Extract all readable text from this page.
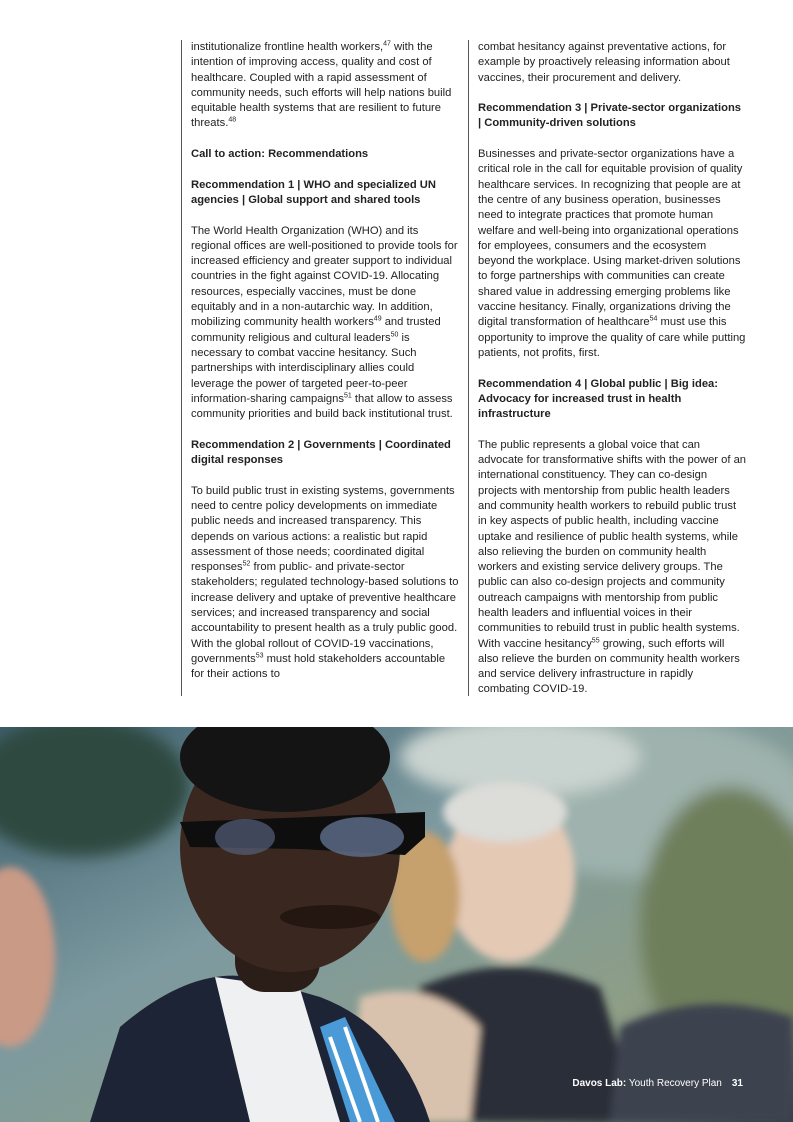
institutionalize frontline health workers,$^{47}$ with the intention of improving access, quality and cost of healthcare. Coupled with a rapid assessment of community needs, such efforts will help nations build equitable health systems that are resilient to future threats.$^{48}$

Call to action: Recommendations
Recommendation 1 | WHO and specialized UN agencies | Global support and shared tools

The World Health Organization (WHO) and its regional offices are well-positioned to provide tools for increased efficiency and greater support to individual countries in the fight against COVID-19. Allocating resources, especially vaccines, must be done equitably and in a non-autarchic way. In addition, mobilizing community health workers$^{49}$ and trusted community religious and cultural leaders$^{50}$ is necessary to combat vaccine hesitancy. Such partnerships with interdisciplinary allies could leverage the power of targeted peer-to-peer information-sharing campaigns$^{51}$ that allow to assess community priorities and build back institutional trust.

Recommendation 2 | Governments | Coordinated digital responses

To build public trust in existing systems, governments need to centre policy developments on immediate public needs and increased transparency. This depends on various actions: a realistic but rapid assessment of those needs; coordinated digital responses$^{52}$ from public- and private-sector stakeholders; regulated technology-based solutions to increase delivery and uptake of preventive healthcare services; and increased transparency and social accountability to present health as a truly public good. With the global rollout of COVID-19 vaccinations, governments$^{53}$ must hold stakeholders accountable for their actions to

combat hesitancy against preventative actions, for example by proactively releasing information about vaccines, their procurement and delivery.

Recommendation 3 | Private-sector organizations | Community-driven solutions

Businesses and private-sector organizations have a critical role in the call for equitable provision of quality healthcare services. In recognizing that people are at the centre of any business operation, businesses need to integrate practices that promote human welfare and well-being into organizational operations for employees, consumers and the ecosystem beyond the workplace. Using market-driven solutions to forge partnerships with communities can create shared value in addressing emerging problems like vaccine hesitancy. Finally, organizations driving the digital transformation of healthcare$^{54}$ must use this opportunity to improve the quality of care while putting patients, not profits, first.

Recommendation 4 | Global public | Big idea: Advocacy for increased trust in health infrastructure

The public represents a global voice that can advocate for transformative shifts with the power of an international constituency. They can co-design projects with mentorship from public health leaders and community health workers to rebuild public trust in key aspects of public health, including vaccine uptake and resilience of public health systems, while also relieving the burden on community health workers and existing service delivery groups. The public can also co-design projects and community outreach campaigns with mentorship from public health leaders and influential voices in their communities to rebuild trust in public health systems. With vaccine hesitancy$^{55}$ growing, such efforts will also relieve the burden on community health workers and service delivery infrastructure in rapidly combating COVID-19.

Davos Lab: Youth Recovery Plan 31
